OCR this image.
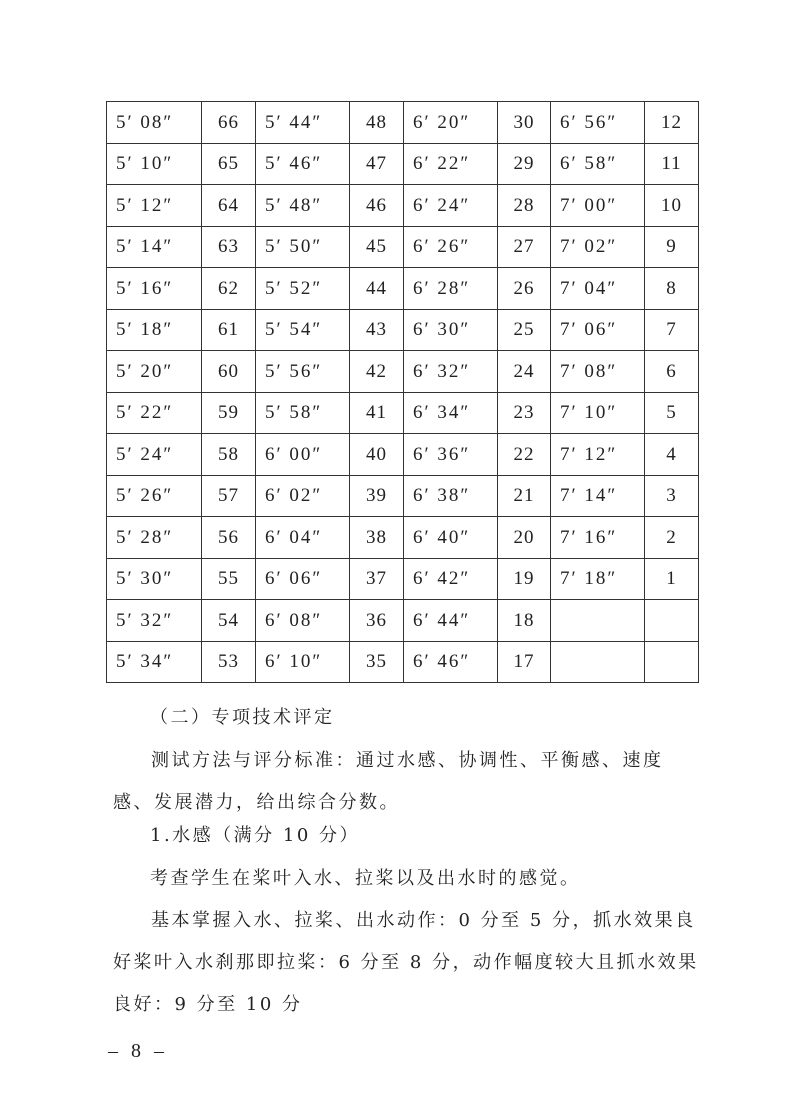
5′ 08″	66	5′ 44″	48	6′ 20″	30	6′ 56″	12
5′ 10″	65	5′ 46″	47	6′ 22″	29	6′ 58″	11
5′ 12″	64	5′ 48″	46	6′ 24″	28	7′ 00″	10
5′ 14″	63	5′ 50″	45	6′ 26″	27	7′ 02″	9
5′ 16″	62	5′ 52″	44	6′ 28″	26	7′ 04″	8
5′ 18″	61	5′ 54″	43	6′ 30″	25	7′ 06″	7
5′ 20″	60	5′ 56″	42	6′ 32″	24	7′ 08″	6
5′ 22″	59	5′ 58″	41	6′ 34″	23	7′ 10″	5
5′ 24″	58	6′ 00″	40	6′ 36″	22	7′ 12″	4
5′ 26″	57	6′ 02″	39	6′ 38″	21	7′ 14″	3
5′ 28″	56	6′ 04″	38	6′ 40″	20	7′ 16″	2
5′ 30″	55	6′ 06″	37	6′ 42″	19	7′ 18″	1
5′ 32″	54	6′ 08″	36	6′ 44″	18		
5′ 34″	53	6′ 10″	35	6′ 46″	17		

（二）专项技术评定

测试方法与评分标准：通过水感、协调性、平衡感、速度感、发展潜力，给出综合分数。

1.水感（满分 10 分）

考查学生在桨叶入水、拉桨以及出水时的感觉。

基本掌握入水、拉桨、出水动作：0 分至 5 分，抓水效果良好桨叶入水刹那即拉桨：6 分至 8 分，动作幅度较大且抓水效果良好：9 分至 10 分

– 8 –
